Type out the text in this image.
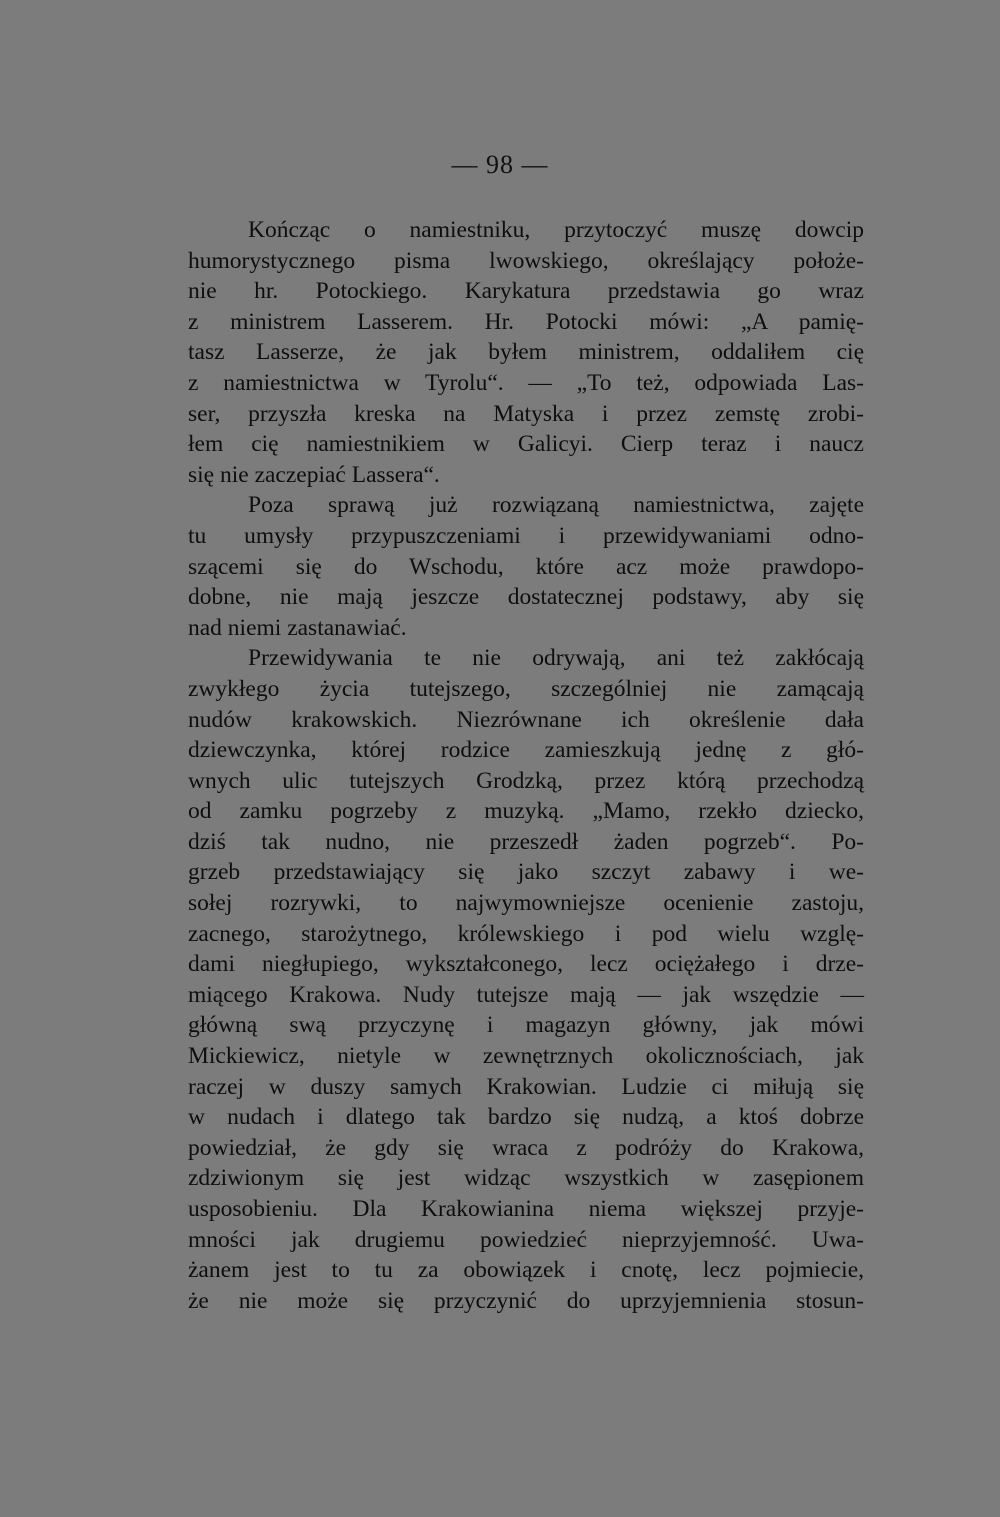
— 98 —
Kończąc o namiestniku, przytoczyć muszę dowcip
humorystycznego pisma lwowskiego, określający położe-
nie hr. Potockiego. Karykatura przedstawia go wraz
z ministrem Lasserem. Hr. Potocki mówi: „A pamię-
tasz Lasserze, że jak byłem ministrem, oddaliłem cię
z namiestnictwa w Tyrolu“. — „To też, odpowiada Las-
ser, przyszła kreska na Matyska i przez zemstę zrobi-
łem cię namiestnikiem w Galicyi. Cierp teraz i naucz
się nie zaczepiać Lassera“.
Poza sprawą już rozwiązaną namiestnictwa, zajęte
tu umysły przypuszczeniami i przewidywaniami odno-
szącemi się do Wschodu, które acz może prawdopo-
dobne, nie mają jeszcze dostatecznej podstawy, aby się
nad niemi zastanawiać.
Przewidywania te nie odrywają, ani też zakłócają
zwykłego życia tutejszego, szczególniej nie zamącają
nudów krakowskich. Niezrównane ich określenie dała
dziewczynka, której rodzice zamieszkują jednę z głó-
wnych ulic tutejszych Grodzką, przez którą przechodzą
od zamku pogrzeby z muzyką. „Mamo, rzekło dziecko,
dziś tak nudno, nie przeszedł żaden pogrzeb“. Po-
grzeb przedstawiający się jako szczyt zabawy i we-
sołej rozrywki, to najwymowniejsze ocenienie zastoju,
zacnego, starożytnego, królewskiego i pod wielu wzglę-
dami niegłupiego, wykształconego, lecz ociężałego i drze-
miącego Krakowa. Nudy tutejsze mają — jak wszędzie —
główną swą przyczynę i magazyn główny, jak mówi
Mickiewicz, nietyle w zewnętrznych okolicznościach, jak
raczej w duszy samych Krakowian. Ludzie ci miłują się
w nudach i dlatego tak bardzo się nudzą, a ktoś dobrze
powiedział, że gdy się wraca z podróży do Krakowa,
zdziwionym się jest widząc wszystkich w zasępionem
usposobieniu. Dla Krakowianina niema większej przyje-
mności jak drugiemu powiedzieć nieprzyjemność. Uwa-
żanem jest to tu za obowiązek i cnotę, lecz pojmiecie,
że nie może się przyczynić do uprzyjemnienia stosun-
